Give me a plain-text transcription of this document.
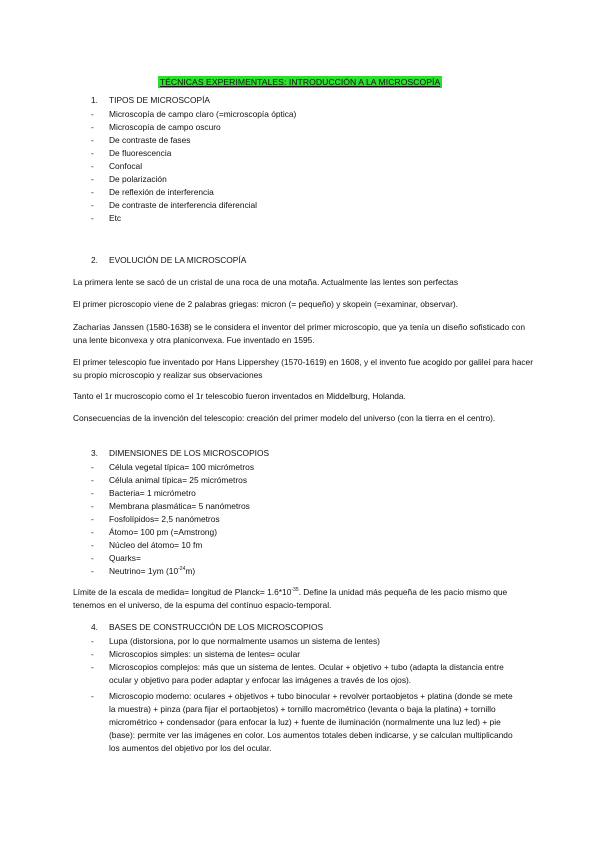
TÉCNICAS EXPERIMENTALES: INTRODUCCIÓN A LA MICROSCOPÍA
1. TIPOS DE MICROSCOPÍA
- Microscopía de campo claro (=microscopía óptica)
- Microscopía de campo oscuro
- De contraste de fases
- De fluorescencia
- Confocal
- De polarización
- De reflexión de interferencia
- De contraste de interferencia diferencial
- Etc
2. EVOLUCIÓN DE LA MICROSCOPÍA
La primera lente se sacó de un cristal de una roca de una motaña. Actualmente las lentes son perfectas
El primer picroscopio viene de 2 palabras griegas: micron (= pequeño) y skopein (=examinar, observar).
Zacharías Janssen (1580-1638) se le considera el inventor del primer microscopio, que ya tenía un diseño sofisticado con una lente biconvexa y otra planiconvexa. Fue inventado en 1595.
El primer telescopio fue inventado por Hans Lippershey (1570-1619) en 1608, y el invento fue acogido por galileí para hacer su propio microscopio y realizar sus observaciones
Tanto el 1r mucroscopio como el 1r telescobio fueron inventados en Middelburg, Holanda.
Consecuencias de la invención del telescopio: creación del primer modelo del universo (con la tierra en el centro).
3. DIMENSIONES DE LOS MICROSCOPIOS
- Célula vegetal típica= 100 micrómetros
- Célula animal típica= 25 micrómetros
- Bacteria= 1 micrómetro
- Membrana plasmática= 5 nanómetros
- Fosfolípidos= 2,5 nanómetros
- Átomo= 100 pm (=Amstrong)
- Núcleo del átomo= 10 fm
- Quarks=
- Neutrino= 1ym $(10^{-24}m)$
Límite de la escala de medida= longitud de Planck= $1.6*10^{-35}$. Define la unidad más pequeña de les pacio mismo que tenemos en el universo, de la espuma del contínuo espacio-temporal.
4. BASES DE CONSTRUCCIÓN DE LOS MICROSCOPIOS
- Lupa (distorsiona, por lo que normalmente usamos un sistema de lentes)
- Microscopios simples: un sistema de lentes= ocular
-	Microscopios complejos: más que un sistema de lentes. Ocular + objetivo + tubo (adapta la distancia entre ocular y objetivo para poder adaptar y enfocar las imágenes a través de los ojos).
-	Microscopio moderno: oculares + objetivos + tubo binocular + revolver portaobjetos + platina (donde se mete la muestra) + pinza (para fijar el portaobjetos) + tornillo macrométrico (levanta o baja la platina) + tornillo micrométrico + condensador (para enfocar la luz) + fuente de iluminación (normalmente una luz led) + pie (base): permite ver las imágenes en color. Los aumentos totales deben indicarse, y se calculan multiplicando los aumentos del objetivo por los del ocular.
